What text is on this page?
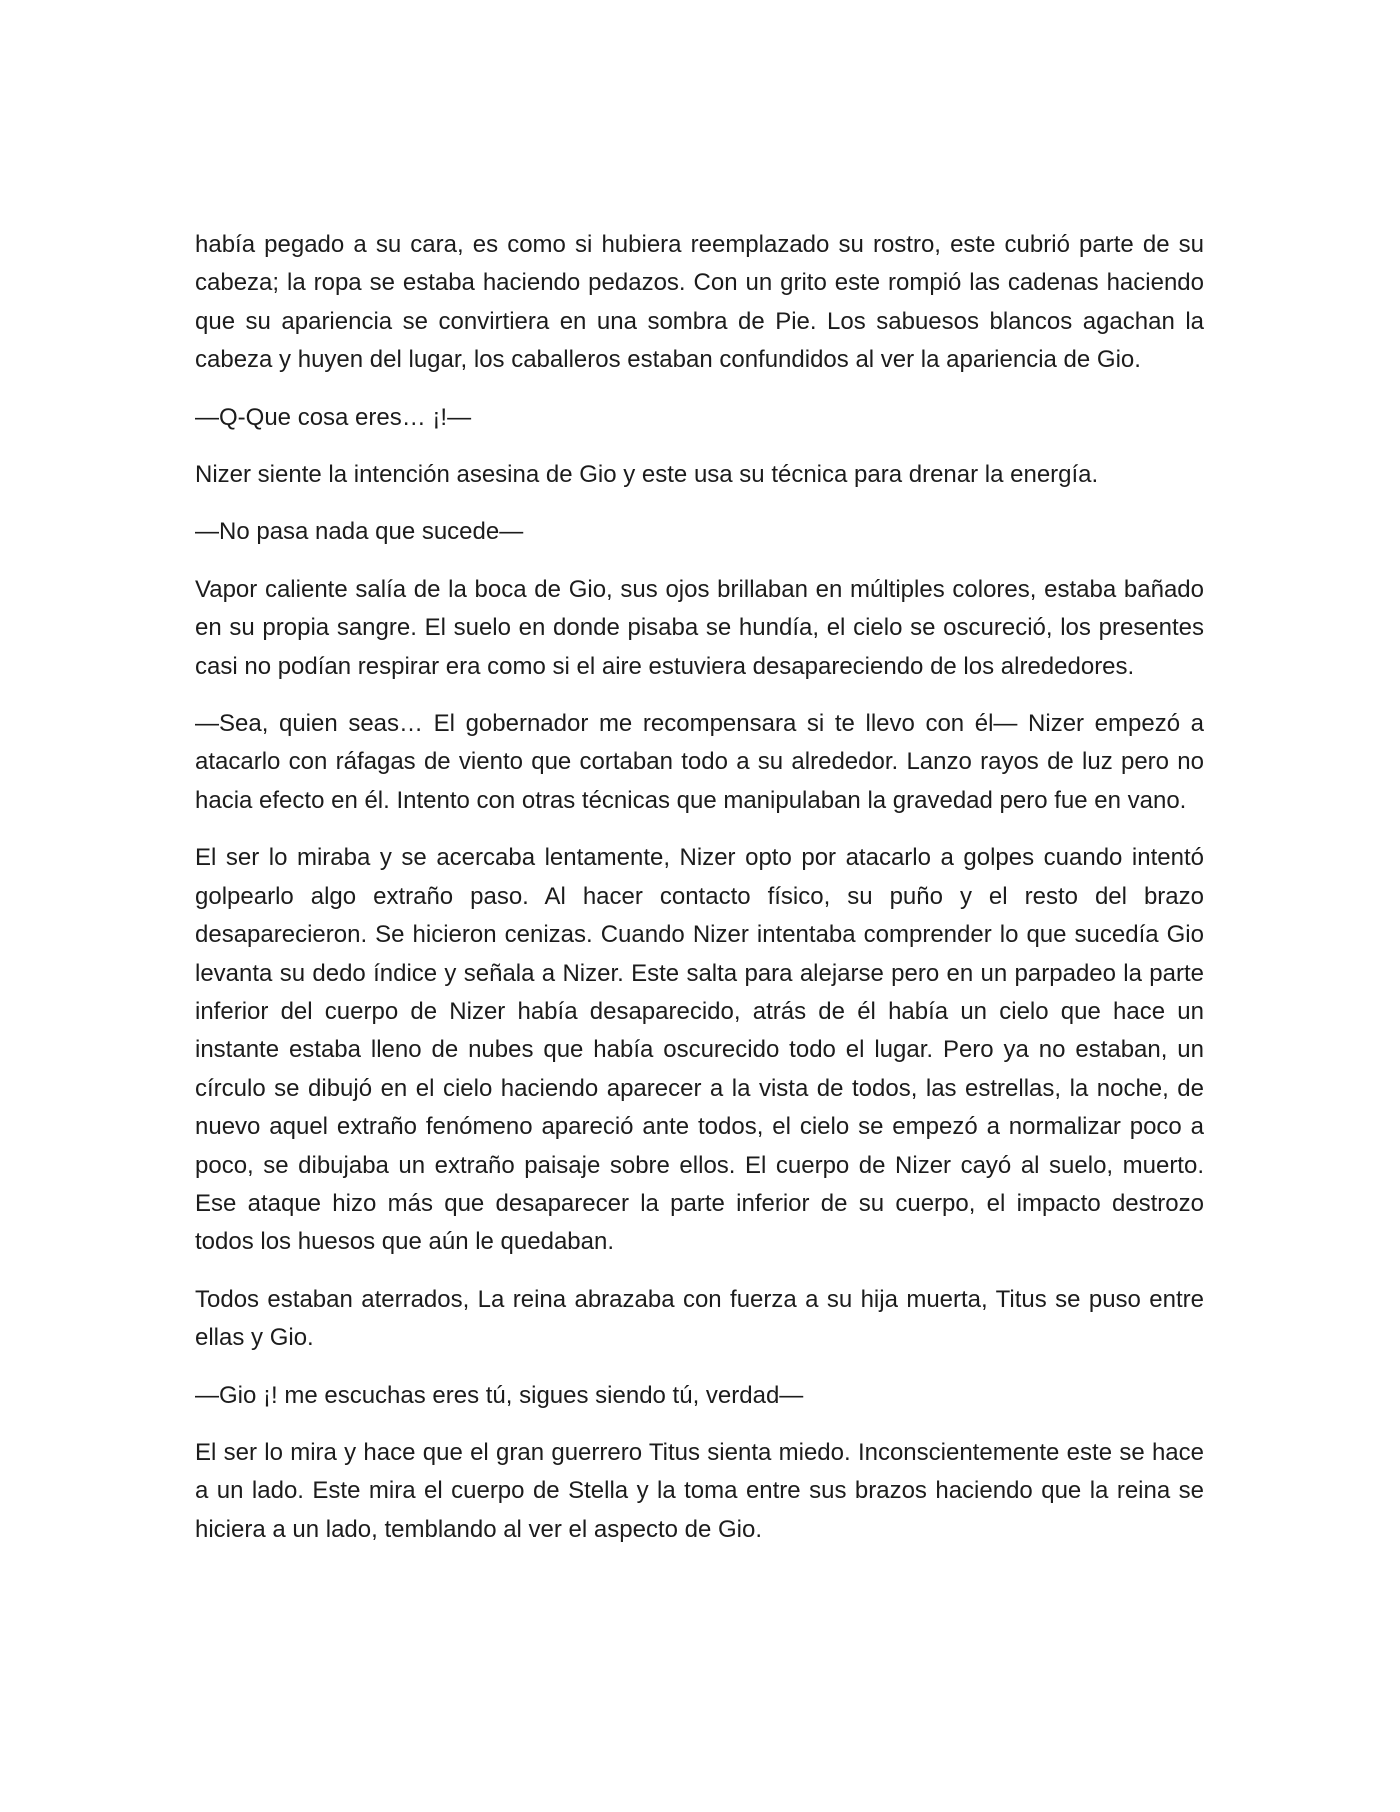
había pegado a su cara, es como si hubiera reemplazado su rostro, este cubrió parte de su cabeza; la ropa se estaba haciendo pedazos. Con un grito este rompió las cadenas haciendo que su apariencia se convirtiera en una sombra de Pie. Los sabuesos blancos agachan la cabeza y huyen del lugar, los caballeros estaban confundidos al ver la apariencia de Gio.

—Q-Que cosa eres… ¡!—

Nizer siente la intención asesina de Gio y este usa su técnica para drenar la energía.

—No pasa nada que sucede—

Vapor caliente salía de la boca de Gio, sus ojos brillaban en múltiples colores, estaba bañado en su propia sangre. El suelo en donde pisaba se hundía, el cielo se oscureció, los presentes casi no podían respirar era como si el aire estuviera desapareciendo de los alrededores.

—Sea, quien seas… El gobernador me recompensara si te llevo con él— Nizer empezó a atacarlo con ráfagas de viento que cortaban todo a su alrededor. Lanzo rayos de luz pero no hacia efecto en él. Intento con otras técnicas que manipulaban la gravedad pero fue en vano.

El ser lo miraba y se acercaba lentamente, Nizer opto por atacarlo a golpes cuando intentó golpearlo algo extraño paso. Al hacer contacto físico, su puño y el resto del brazo desaparecieron. Se hicieron cenizas. Cuando Nizer intentaba comprender lo que sucedía Gio levanta su dedo índice y señala a Nizer. Este salta para alejarse pero en un parpadeo la parte inferior del cuerpo de Nizer había desaparecido, atrás de él había un cielo que hace un instante estaba lleno de nubes que había oscurecido todo el lugar. Pero ya no estaban, un círculo se dibujó en el cielo haciendo aparecer a la vista de todos, las estrellas, la noche, de nuevo aquel extraño fenómeno apareció ante todos, el cielo se empezó a normalizar poco a poco, se dibujaba un extraño paisaje sobre ellos. El cuerpo de Nizer cayó al suelo, muerto. Ese ataque hizo más que desaparecer la parte inferior de su cuerpo, el impacto destrozo todos los huesos que aún le quedaban.

Todos estaban aterrados, La reina abrazaba con fuerza a su hija muerta, Titus se puso entre ellas y Gio.

—Gio ¡! me escuchas eres tú, sigues siendo tú, verdad—

El ser lo mira y hace que el gran guerrero Titus sienta miedo. Inconscientemente este se hace a un lado. Este mira el cuerpo de Stella y la toma entre sus brazos haciendo que la reina se hiciera a un lado, temblando al ver el aspecto de Gio.
